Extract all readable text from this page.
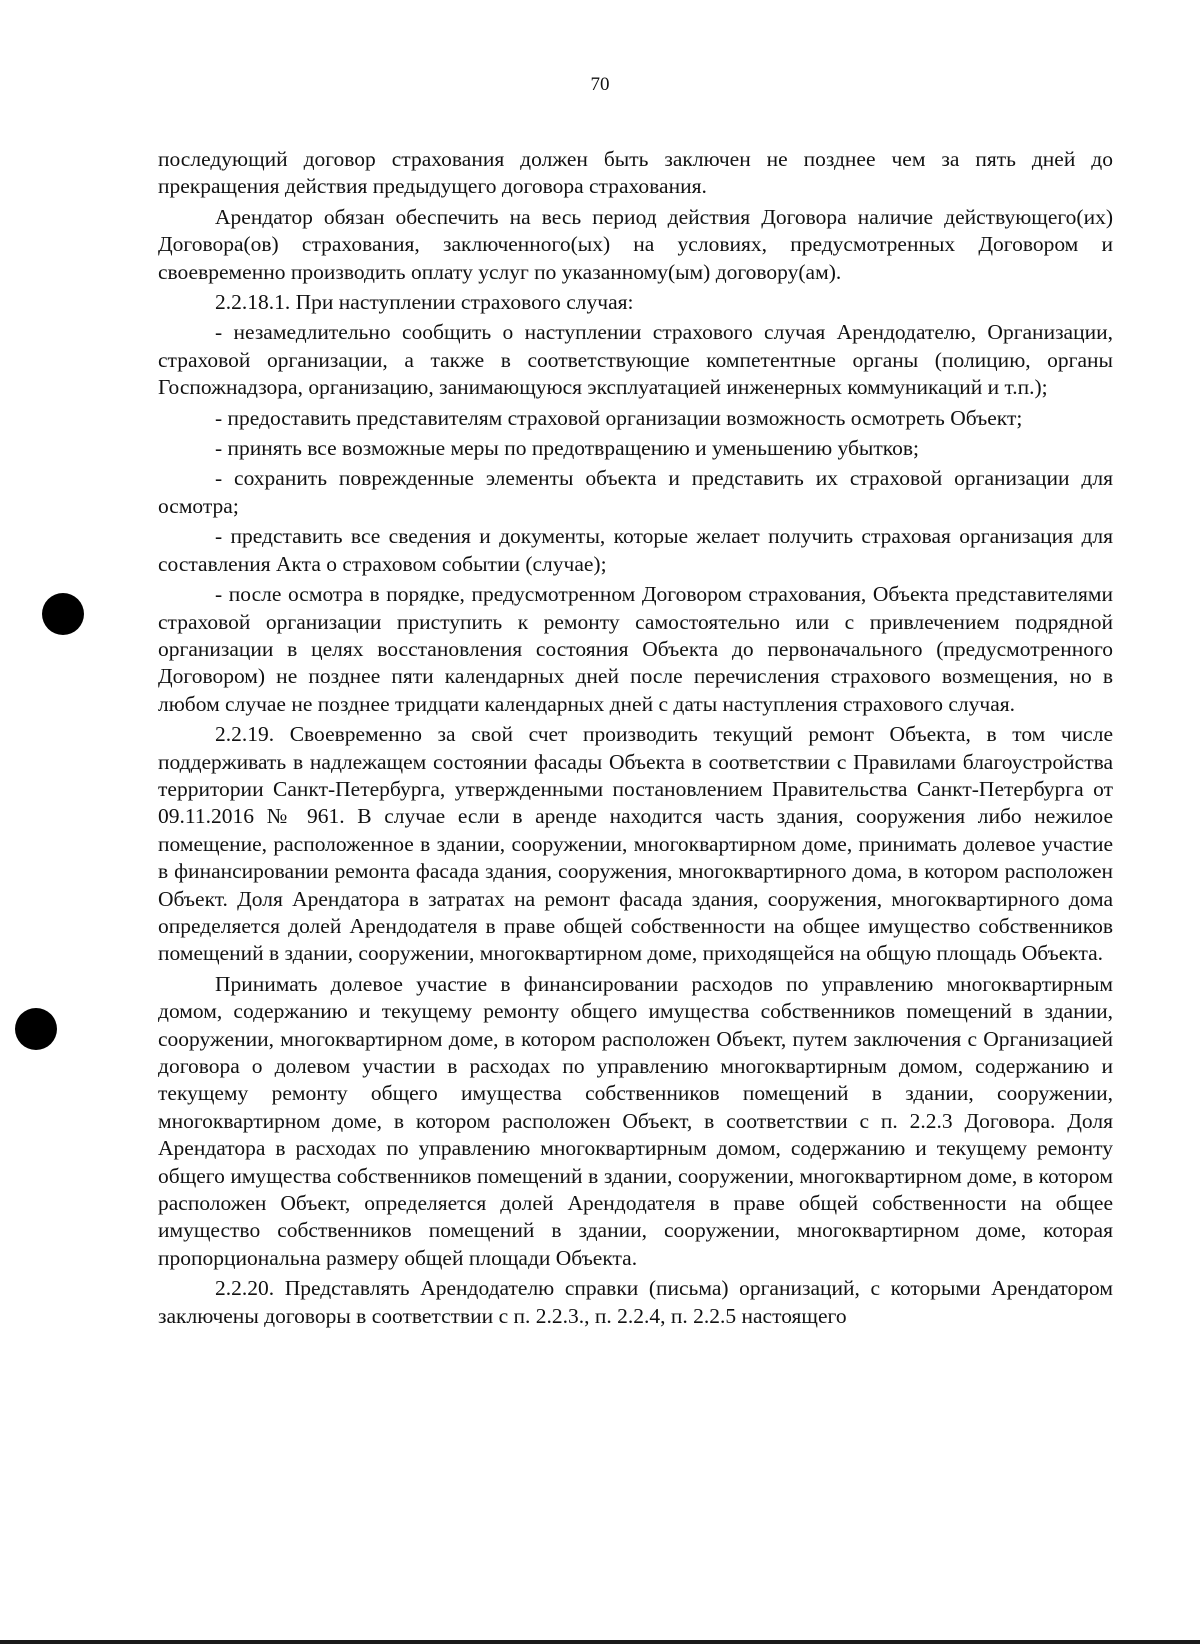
70

последующий договор страхования должен быть заключен не позднее чем за пять дней до прекращения действия предыдущего договора страхования.

Арендатор обязан обеспечить на весь период действия Договора наличие действующего(их) Договора(ов) страхования, заключенного(ых) на условиях, предусмотренных Договором и своевременно производить оплату услуг по указанному(ым) договору(ам).

2.2.18.1. При наступлении страхового случая:

- незамедлительно сообщить о наступлении страхового случая Арендодателю, Организации, страховой организации, а также в соответствующие компетентные органы (полицию, органы Госпожнадзора, организацию, занимающуюся эксплуатацией инженерных коммуникаций и т.п.);

- предоставить представителям страховой организации возможность осмотреть Объект;

- принять все возможные меры по предотвращению и уменьшению убытков;

- сохранить поврежденные элементы объекта и представить их страховой организации для осмотра;

- представить все сведения и документы, которые желает получить страховая организация для составления Акта о страховом событии (случае);

- после осмотра в порядке, предусмотренном Договором страхования, Объекта представителями страховой организации приступить к ремонту самостоятельно или с привлечением подрядной организации в целях восстановления состояния Объекта до первоначального (предусмотренного Договором) не позднее пяти календарных дней после перечисления страхового возмещения, но в любом случае не позднее тридцати календарных дней с даты наступления страхового случая.

2.2.19. Своевременно за свой счет производить текущий ремонт Объекта, в том числе поддерживать в надлежащем состоянии фасады Объекта в соответствии с Правилами благоустройства территории Санкт-Петербурга, утвержденными постановлением Правительства Санкт-Петербурга от 09.11.2016 № 961. В случае если в аренде находится часть здания, сооружения либо нежилое помещение, расположенное в здании, сооружении, многоквартирном доме, принимать долевое участие в финансировании ремонта фасада здания, сооружения, многоквартирного дома, в котором расположен Объект. Доля Арендатора в затратах на ремонт фасада здания, сооружения, многоквартирного дома определяется долей Арендодателя в праве общей собственности на общее имущество собственников помещений в здании, сооружении, многоквартирном доме, приходящейся на общую площадь Объекта.

Принимать долевое участие в финансировании расходов по управлению многоквартирным домом, содержанию и текущему ремонту общего имущества собственников помещений в здании, сооружении, многоквартирном доме, в котором расположен Объект, путем заключения с Организацией договора о долевом участии в расходах по управлению многоквартирным домом, содержанию и текущему ремонту общего имущества собственников помещений в здании, сооружении, многоквартирном доме, в котором расположен Объект, в соответствии с п. 2.2.3 Договора. Доля Арендатора в расходах по управлению многоквартирным домом, содержанию и текущему ремонту общего имущества собственников помещений в здании, сооружении, многоквартирном доме, в котором расположен Объект, определяется долей Арендодателя в праве общей собственности на общее имущество собственников помещений в здании, сооружении, многоквартирном доме, которая пропорциональна размеру общей площади Объекта.

2.2.20. Представлять Арендодателю справки (письма) организаций, с которыми Арендатором заключены договоры в соответствии с п. 2.2.3., п. 2.2.4, п. 2.2.5 настоящего
